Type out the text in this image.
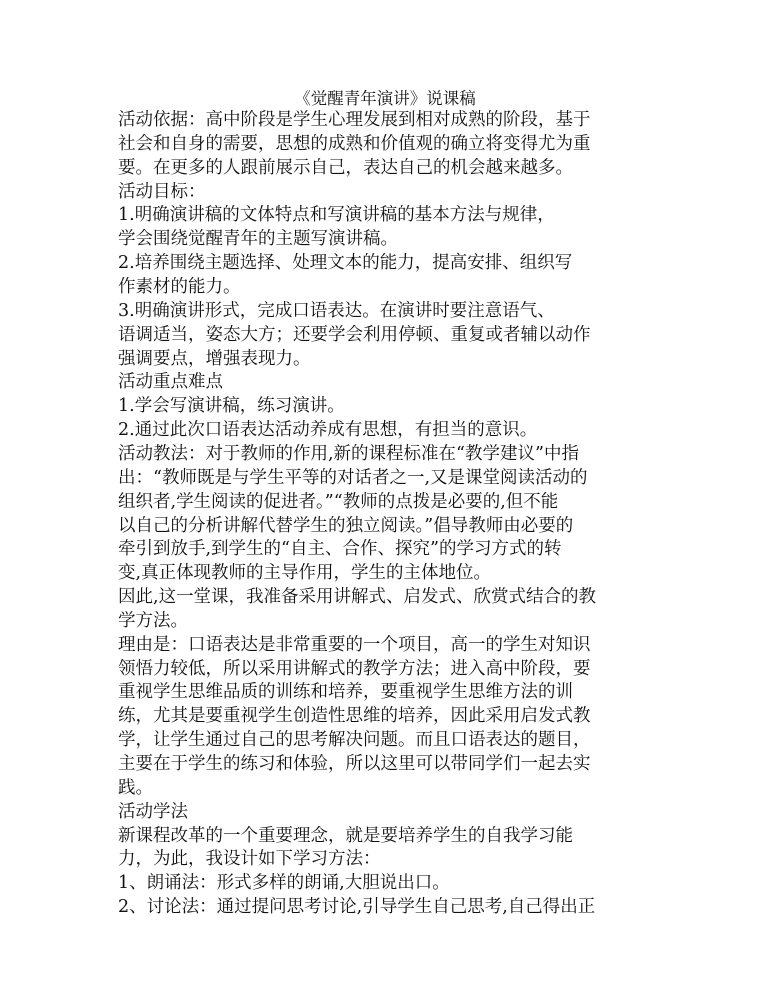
《觉醒青年演讲》说课稿
活动依据：高中阶段是学生心理发展到相对成熟的阶段，基于
社会和自身的需要，思想的成熟和价值观的确立将变得尤为重
要。在更多的人跟前展示自己，表达自己的机会越来越多。
活动目标：
1.明确演讲稿的文体特点和写演讲稿的基本方法与规律，
学会围绕觉醒青年的主题写演讲稿。
2.培养围绕主题选择、处理文本的能力，提高安排、组织写
作素材的能力。
3.明确演讲形式，完成口语表达。在演讲时要注意语气、
语调适当，姿态大方；还要学会利用停顿、重复或者辅以动作
强调要点，增强表现力。
活动重点难点
1.学会写演讲稿，练习演讲。
2.通过此次口语表达活动养成有思想，有担当的意识。
活动教法：对于教师的作用,新的课程标准在“教学建议”中指
出：“教师既是与学生平等的对话者之一,又是课堂阅读活动的
组织者,学生阅读的促进者。”“教师的点拨是必要的,但不能
以自己的分析讲解代替学生的独立阅读。”倡导教师由必要的
牵引到放手,到学生的“自主、合作、探究”的学习方式的转
变,真正体现教师的主导作用，学生的主体地位。
因此,这一堂课，我准备采用讲解式、启发式、欣赏式结合的教
学方法。
理由是：口语表达是非常重要的一个项目，高一的学生对知识
领悟力较低，所以采用讲解式的教学方法；进入高中阶段，要
重视学生思维品质的训练和培养，要重视学生思维方法的训
练，尤其是要重视学生创造性思维的培养，因此采用启发式教
学，让学生通过自己的思考解决问题。而且口语表达的题目，
主要在于学生的练习和体验，所以这里可以带同学们一起去实
践。
活动学法
新课程改革的一个重要理念，就是要培养学生的自我学习能
力，为此，我设计如下学习方法：
1、朗诵法：形式多样的朗诵,大胆说出口。
2、讨论法：通过提问思考讨论,引导学生自己思考,自己得出正
